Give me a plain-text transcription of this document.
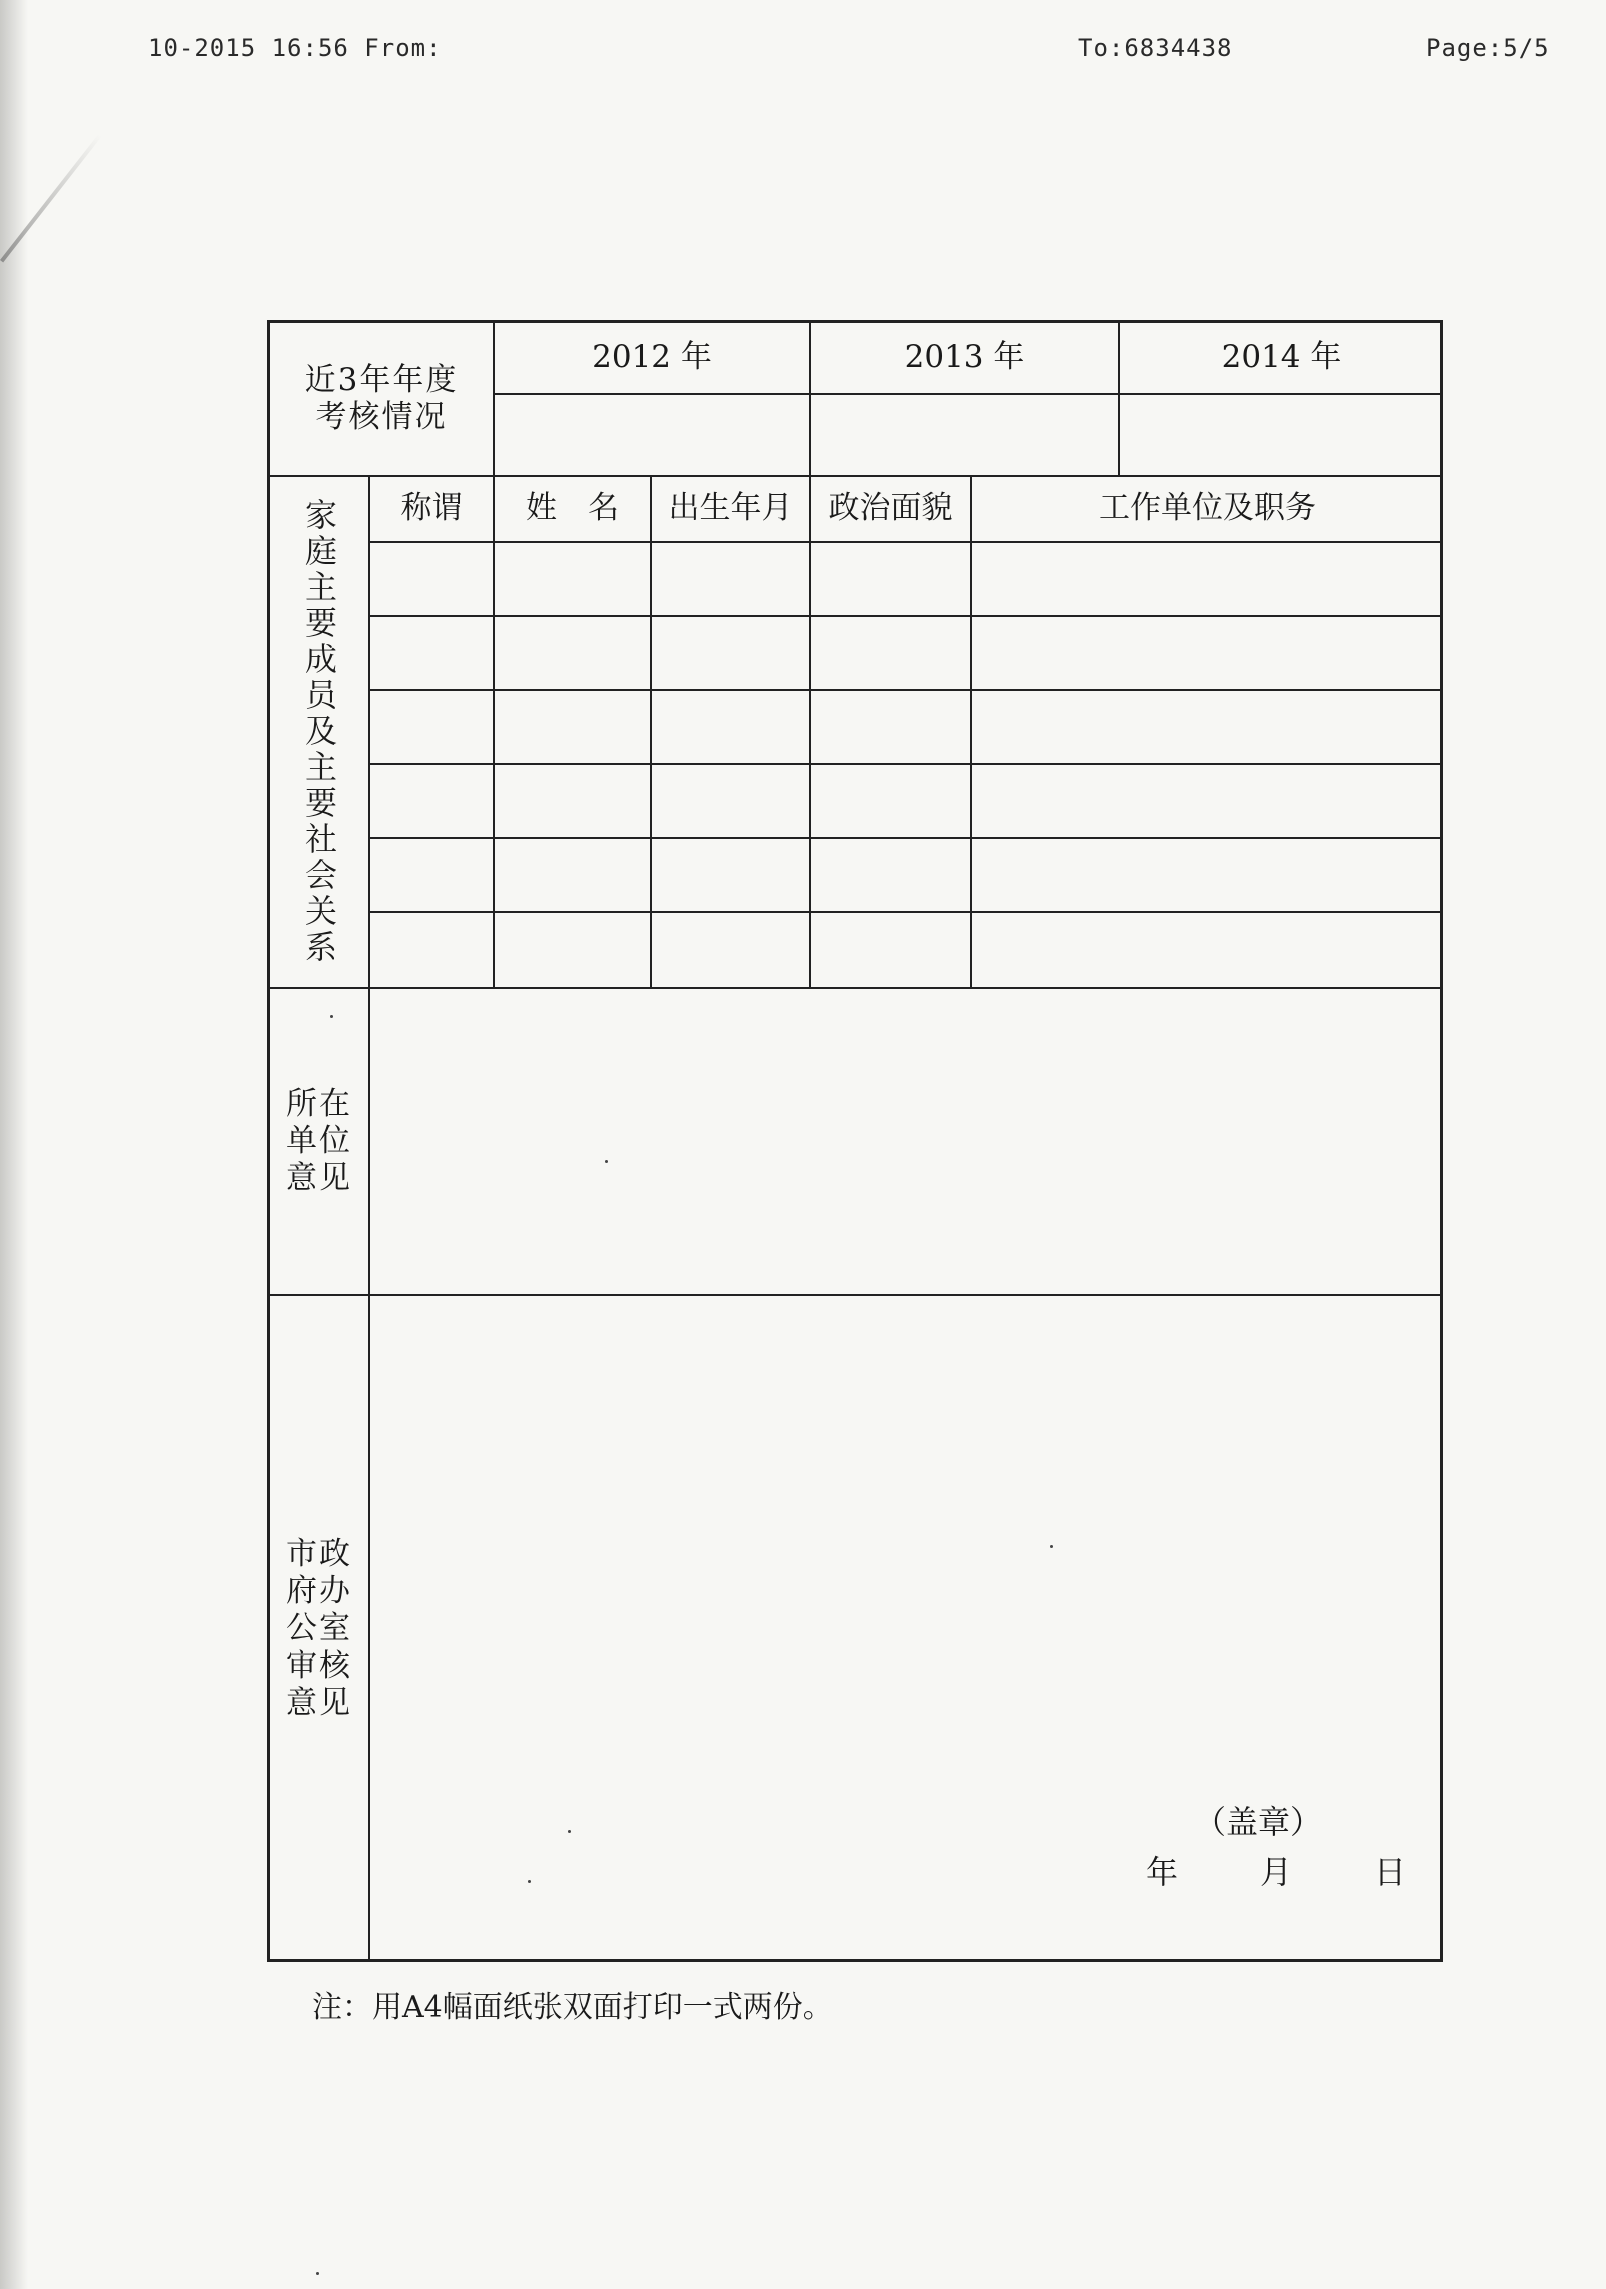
10-2015 16:56 From:	To:6834438	Page:5/5
近3年年度考核情况
2012 年	2013 年	2014 年
家庭主要成员及主要社会关系	称谓	姓　名	出生年月	政治面貌	工作单位及职务
所在单位意见
市政府办公室审核意见
（盖章）
年　　月　　日
注：用A4幅面纸张双面打印一式两份。
